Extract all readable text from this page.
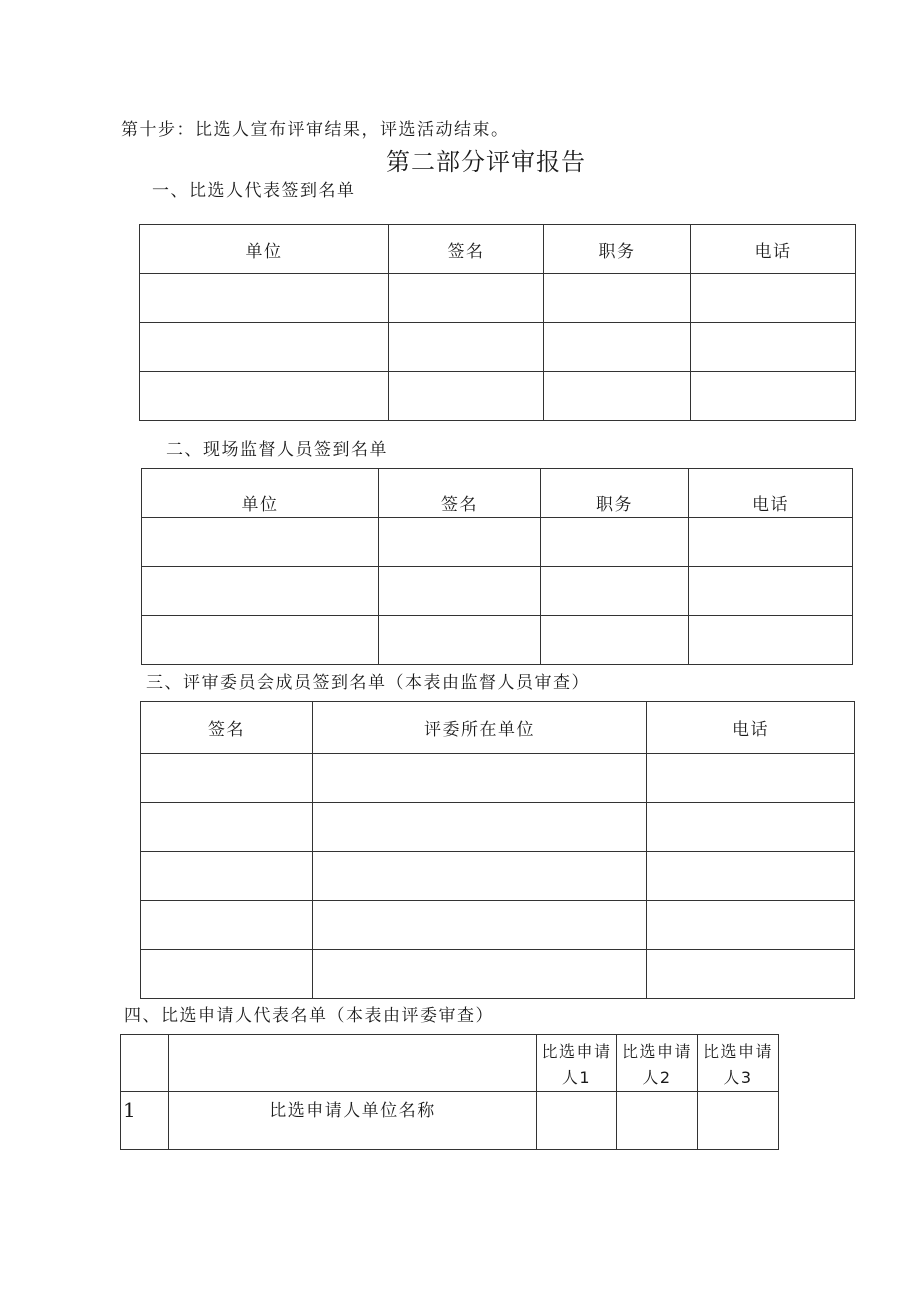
第十步：比选人宣布评审结果，评选活动结束。
第二部分评审报告
一、比选人代表签到名单
单位	签名	职务	电话

二、现场监督人员签到名单
单位	签名	职务	电话

三、评审委员会成员签到名单（本表由监督人员审查）
签名	评委所在单位	电话

四、比选申请人代表名单（本表由评委审查）
		比选申请人1	比选申请人2	比选申请人3
1	比选申请人单位名称			
